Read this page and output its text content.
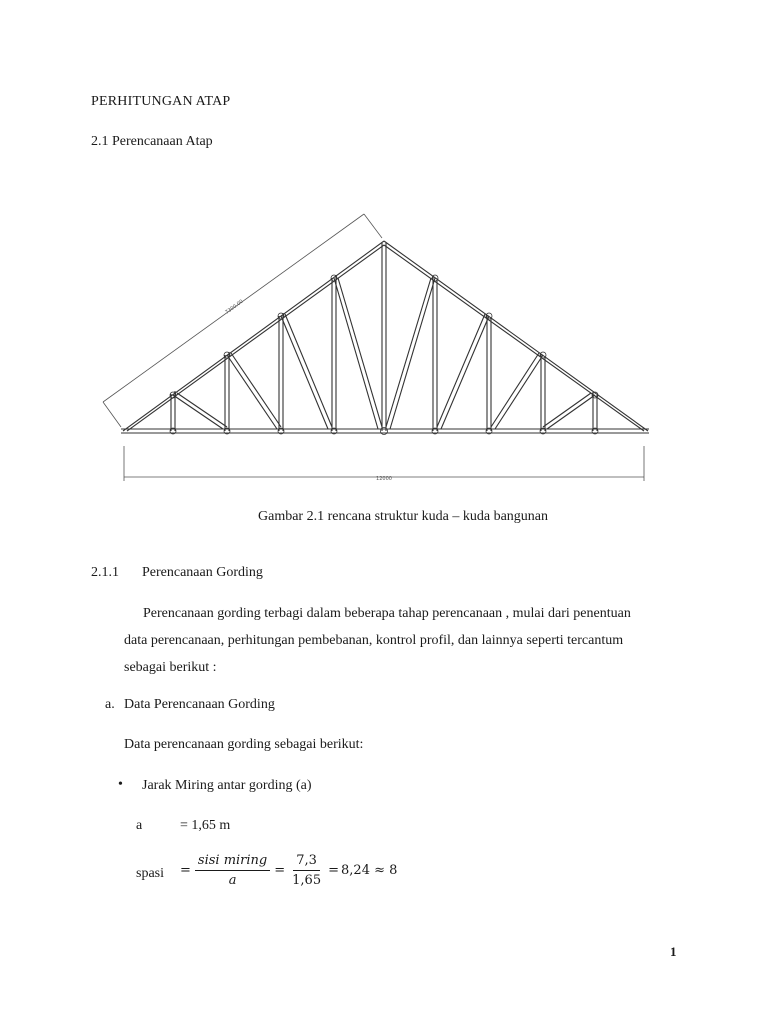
PERHITUNGAN ATAP
2.1 Perencanaan Atap
7300.00
12000
Gambar 2.1 rencana struktur kuda – kuda bangunan
2.1.1 Perencanaan Gording

Perencanaan gording terbagi dalam beberapa tahap perencanaan , mulai dari penentuan

data perencanaan, perhitungan pembebanan, kontrol profil, dan lainnya seperti tercantum

sebagai berikut :

a. Data Perencanaan Gording
Data perencanaan gording sebagai berikut:
• Jarak Miring antar gording (a)
a	= 1,65 m
spasi = $\frac{\text{sisi miring}}{a} = \frac{7,3}{1,65} = 8,24 \approx 8$
1
